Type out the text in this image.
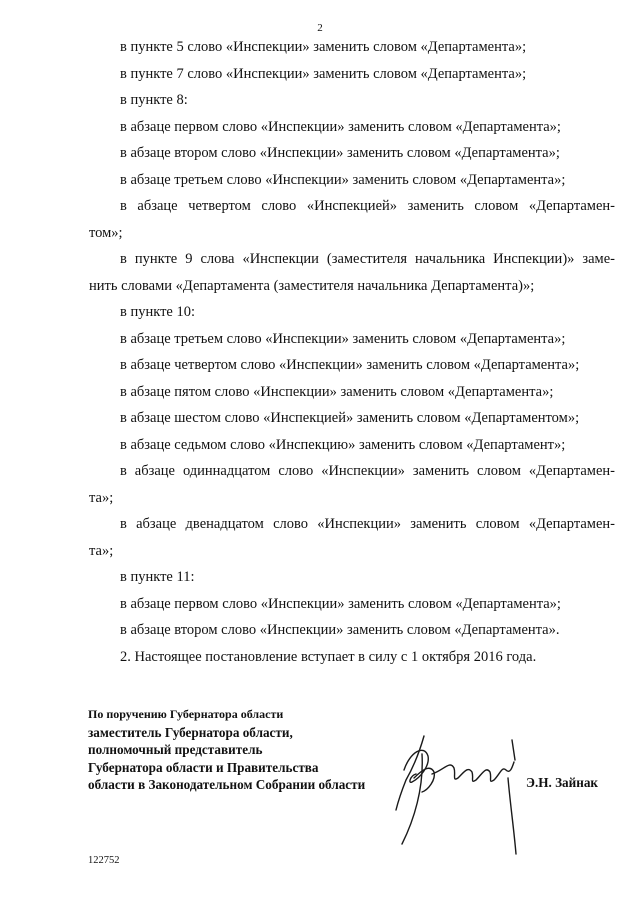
2
в пункте 5 слово «Инспекции» заменить словом «Департамента»;
в пункте 7 слово «Инспекции» заменить словом «Департамента»;
в пункте 8:
в абзаце первом слово «Инспекции» заменить словом «Департамента»;
в абзаце втором слово «Инспекции» заменить словом «Департамента»;
в абзаце третьем слово «Инспекции» заменить словом «Департамента»;
в абзаце четвертом слово «Инспекцией» заменить словом «Департамен-
том»;
в пункте 9 слова «Инспекции (заместителя начальника Инспекции)» заме-
нить словами «Департамента (заместителя начальника Департамента)»;
в пункте 10:
в абзаце третьем слово «Инспекции» заменить словом «Департамента»;
в абзаце четвертом слово «Инспекции» заменить словом «Департамента»;
в абзаце пятом слово «Инспекции» заменить словом «Департамента»;
в абзаце шестом слово «Инспекцией» заменить словом «Департаментом»;
в абзаце седьмом слово «Инспекцию» заменить словом «Департамент»;
в абзаце одиннадцатом слово «Инспекции» заменить словом «Департамен-
та»;
в абзаце двенадцатом слово «Инспекции» заменить словом «Департамен-
та»;
в пункте 11:
в абзаце первом слово «Инспекции» заменить словом «Департамента»;
в абзаце втором слово «Инспекции» заменить словом «Департамента».
2. Настоящее постановление вступает в силу с 1 октября 2016 года.
По поручению Губернатора области
заместитель Губернатора области,
полномочный представитель
Губернатора области и Правительства
области в Законодательном Собрании области	Э.Н. Зайнак
122752
